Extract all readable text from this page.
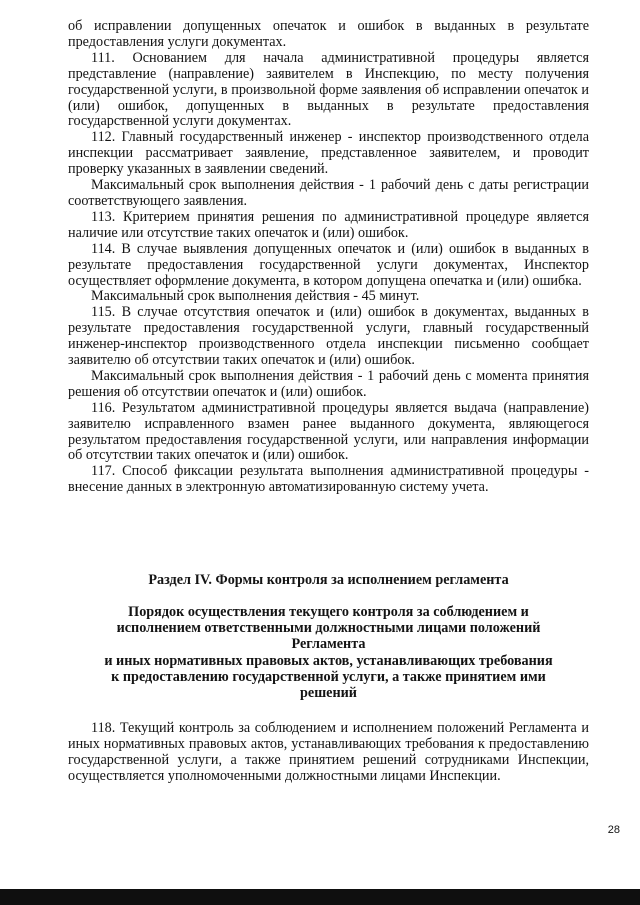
об исправлении допущенных опечаток и ошибок в выданных в результате предоставления услуги документах.

111. Основанием для начала административной процедуры является представление (направление) заявителем в Инспекцию, по месту получения государственной услуги, в произвольной форме заявления об исправлении опечаток и (или) ошибок, допущенных в выданных в результате предоставления государственной услуги документах.

112. Главный государственный инженер - инспектор производственного отдела инспекции рассматривает заявление, представленное заявителем, и проводит проверку указанных в заявлении сведений.

Максимальный срок выполнения действия - 1 рабочий день с даты регистрации соответствующего заявления.

113. Критерием принятия решения по административной процедуре является наличие или отсутствие таких опечаток и (или) ошибок.

114. В случае выявления допущенных опечаток и (или) ошибок в выданных в результате предоставления государственной услуги документах, Инспектор осуществляет оформление документа, в котором допущена опечатка и (или) ошибка.

Максимальный срок выполнения действия - 45 минут.

115. В случае отсутствия опечаток и (или) ошибок в документах, выданных в результате предоставления государственной услуги, главный государственный инженер-инспектор производственного отдела инспекции письменно сообщает заявителю об отсутствии таких опечаток и (или) ошибок.

Максимальный срок выполнения действия - 1 рабочий день с момента принятия решения об отсутствии опечаток и (или) ошибок.

116. Результатом административной процедуры является выдача (направление) заявителю исправленного взамен ранее выданного документа, являющегося результатом предоставления государственной услуги, или направления информации об отсутствии таких опечаток и (или) ошибок.

117. Способ фиксации результата выполнения административной процедуры - внесение данных в электронную автоматизированную систему учета.

Раздел IV. Формы контроля за исполнением регламента

Порядок осуществления текущего контроля за соблюдением и
исполнением ответственными должностными лицами положений
Регламента
и иных нормативных правовых актов, устанавливающих требования
к предоставлению государственной услуги, а также принятием ими
решений

118. Текущий контроль за соблюдением и исполнением положений Регламента и иных нормативных правовых актов, устанавливающих требования к предоставлению государственной услуги, а также принятием решений сотрудниками Инспекции, осуществляется уполномоченными должностными лицами Инспекции.

28
